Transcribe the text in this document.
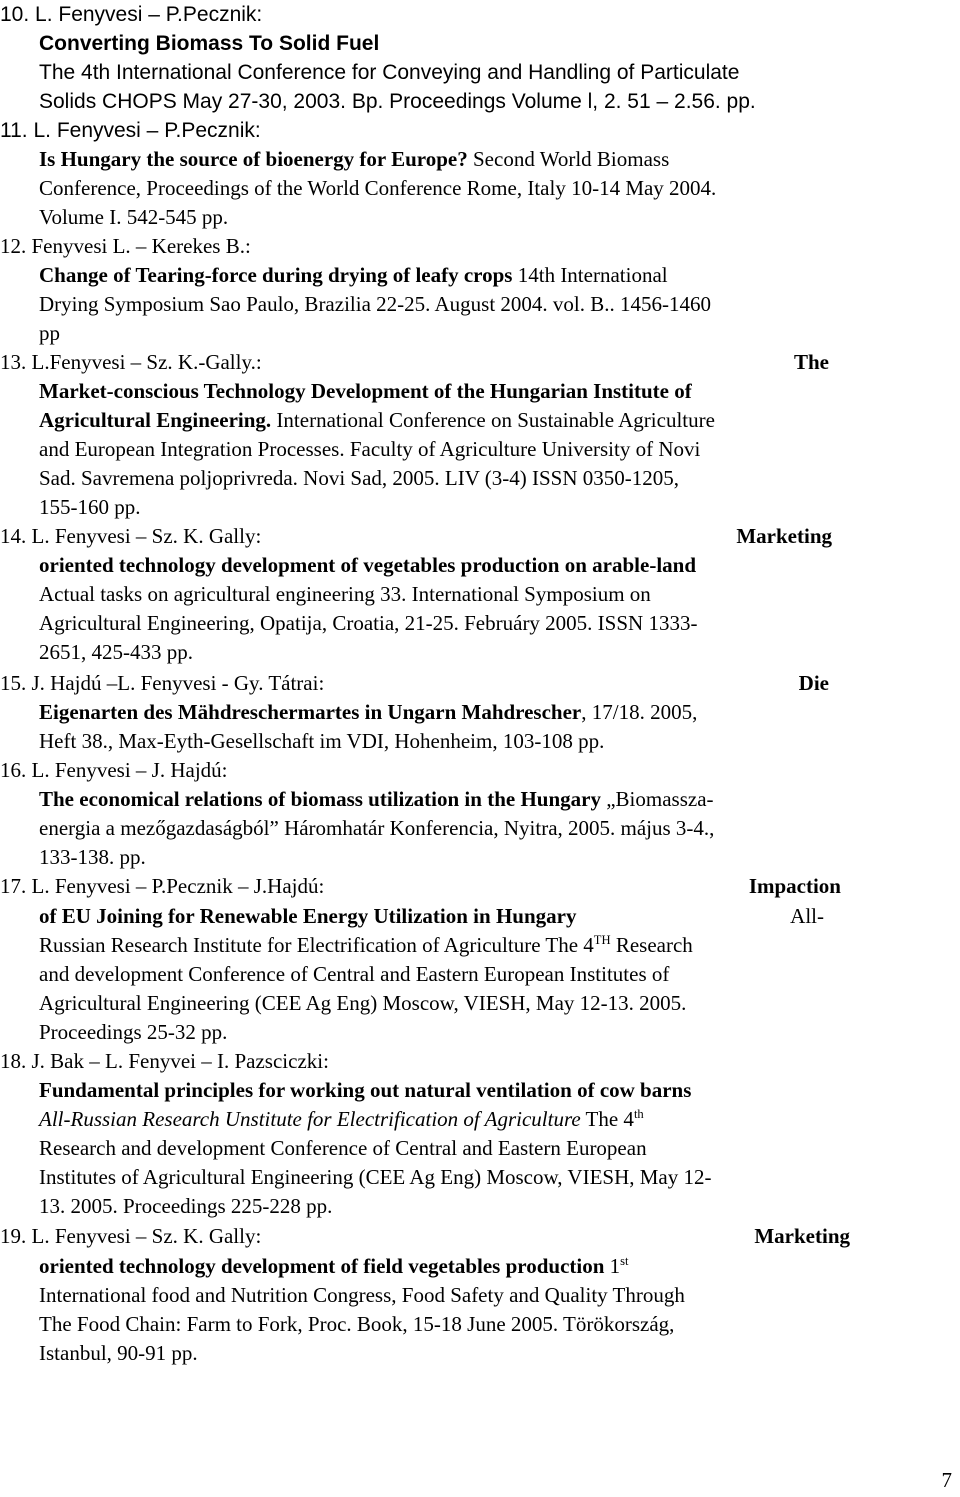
10. L. Fenyvesi – P.Pecznik:
Converting Biomass To Solid Fuel
The 4th International Conference for Conveying and Handling of Particulate
Solids CHOPS May 27-30, 2003. Bp. Proceedings Volume l, 2. 51 – 2.56. pp.
11. L. Fenyvesi – P.Pecznik:
Is Hungary the source of bioenergy for Europe? Second World Biomass
Conference, Proceedings of the World Conference Rome, Italy 10-14 May 2004.
Volume I. 542-545 pp.
12. Fenyvesi L. – Kerekes B.:
Change of Tearing-force during drying of leafy crops 14th International
Drying Symposium Sao Paulo, Brazilia 22-25. August 2004. vol. B.. 1456-1460
pp
13. L.Fenyvesi – Sz. K.-Gally.:	The
Market-conscious Technology Development of the Hungarian Institute of
Agricultural Engineering. International Conference on Sustainable Agriculture
and European Integration Processes. Faculty of Agriculture University of Novi
Sad. Savremena poljoprivreda. Novi Sad, 2005. LIV (3-4) ISSN 0350-1205,
155-160 pp.
14. L. Fenyvesi – Sz. K. Gally:	Marketing
oriented technology development of vegetables production on arable-land
Actual tasks on agricultural engineering 33. International Symposium on
Agricultural Engineering, Opatija, Croatia, 21-25. Februáry 2005. ISSN 1333-
2651, 425-433 pp.
15. J. Hajdú –L. Fenyvesi - Gy. Tátrai:	Die
Eigenarten des Mähdreschermartes in Ungarn Mahdrescher, 17/18. 2005,
Heft 38., Max-Eyth-Gesellschaft im VDI, Hohenheim, 103-108 pp.
16. L. Fenyvesi – J. Hajdú:
The economical relations of biomass utilization in the Hungary „Biomassza-
energia a mezőgazdaságból” Háromhatár Konferencia, Nyitra, 2005. május 3-4.,
133-138. pp.
17. L. Fenyvesi – P.Pecznik – J.Hajdú:	Impaction
of EU Joining for Renewable Energy Utilization in Hungary	All-
Russian Research Institute for Electrification of Agriculture The 4TH Research
and development Conference of Central and Eastern European Institutes of
Agricultural Engineering (CEE Ag Eng) Moscow, VIESH, May 12-13. 2005.
Proceedings 25-32 pp.
18. J. Bak – L. Fenyvei – I. Pazsciczki:
Fundamental principles for working out natural ventilation of cow barns
All-Russian Research Unstitute for Electrification of Agriculture The 4th
Research and development Conference of Central and Eastern European
Institutes of Agricultural Engineering (CEE Ag Eng) Moscow, VIESH, May 12-
13. 2005. Proceedings 225-228 pp.
19. L. Fenyvesi – Sz. K. Gally:	Marketing
oriented technology development of field vegetables production 1st
International food and Nutrition Congress, Food Safety and Quality Through
The Food Chain: Farm to Fork, Proc. Book, 15-18 June 2005. Törökország,
Istanbul, 90-91 pp.
7
